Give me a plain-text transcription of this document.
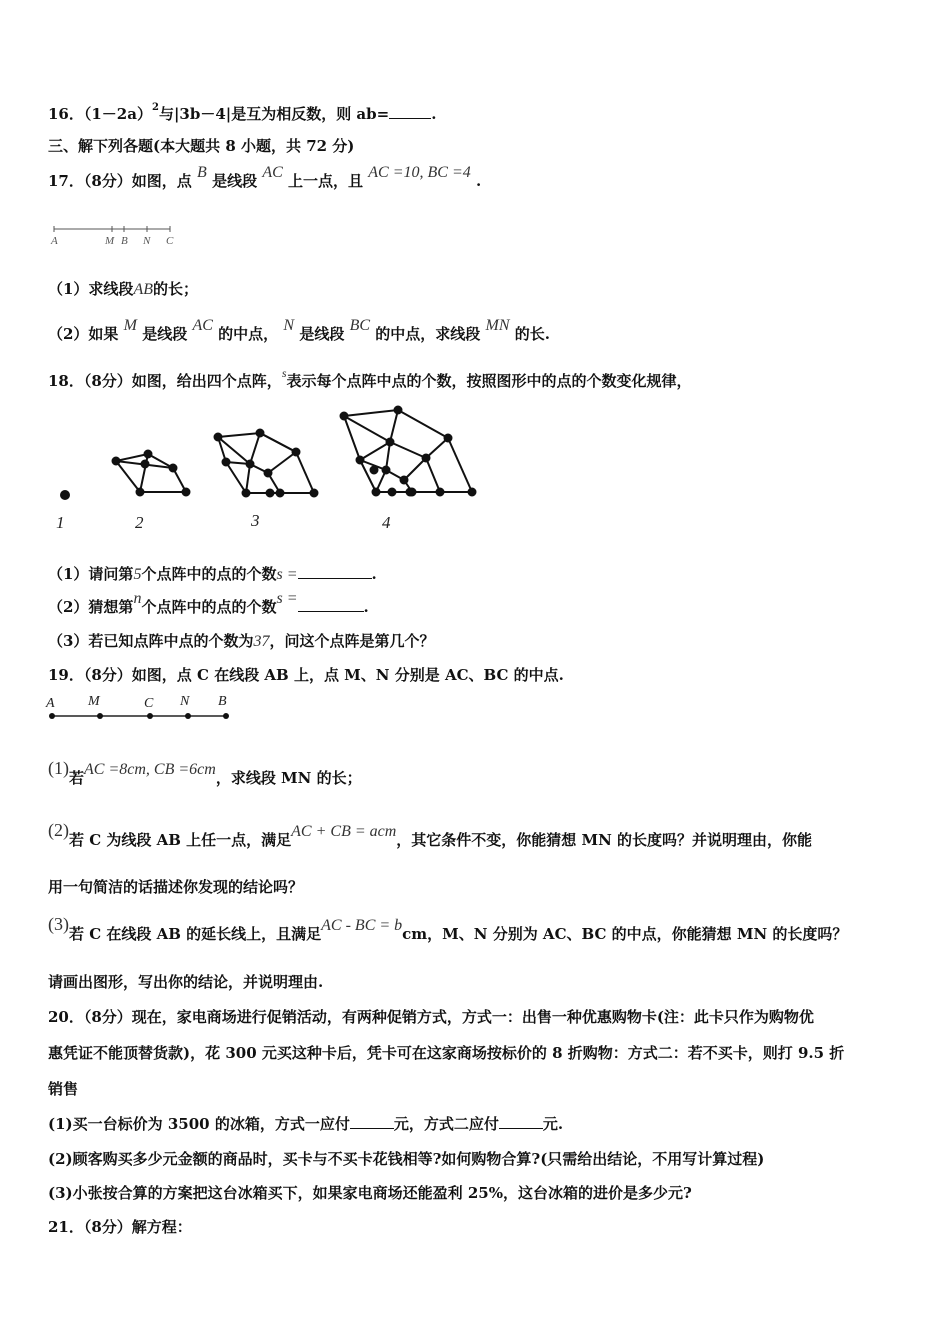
16．$(1-2a)^2$与|3b－4|是互为相反数，则 ab=	.
三、解下列各题(本大题共 8 小题，共 72 分)
17．（8分）如图，点 B 是线段 AC 上一点，且 AC =10, BC =4 .
A	M B N C
（1）求线段AB的长；
（2）如果 M 是线段 AC 的中点， N 是线段 BC 的中点，求线段 MN 的长.
18．（8分）如图，给出四个点阵，$^s$表示每个点阵中点的个数，按照图形中的点的个数变化规律，
1	2	3	4
（1）请问第5个点阵中的点的个数s =	.
（2）猜想第n个点阵中的点的个数s =	.
（3）若已知点阵中点的个数为37，问这个点阵是第几个？
19．（8分）如图，点 C 在线段 AB 上，点 M、N 分别是 AC、BC 的中点.
A M	C N B
(1)若AC =8cm, CB =6cm，求线段 MN 的长；
(2)若 C 为线段 AB 上任一点，满足AC + CB = acm，其它条件不变，你能猜想 MN 的长度吗？并说明理由，你能
用一句简洁的话描述你发现的结论吗？
(3)若 C 在线段 AB 的延长线上，且满足AC - BC = bcm，M、N 分别为 AC、BC 的中点，你能猜想 MN 的长度吗？
请画出图形，写出你的结论，并说明理由.
20．（8分）现在，家电商场进行促销活动，有两种促销方式，方式一：出售一种优惠购物卡(注：此卡只作为购物优
惠凭证不能顶替货款)，花 300 元买这种卡后，凭卡可在这家商场按标价的 8 折购物：方式二：若不买卡，则打 9.5 折
销售
(1)买一台标价为 3500 的冰箱，方式一应付	元，方式二应付	元.
(2)顾客购买多少元金额的商品时，买卡与不买卡花钱相等?如何购物合算?(只需给出结论，不用写计算过程)
(3)小张按合算的方案把这台冰箱买下，如果家电商场还能盈利 25%，这台冰箱的进价是多少元?
21．（8分）解方程：
